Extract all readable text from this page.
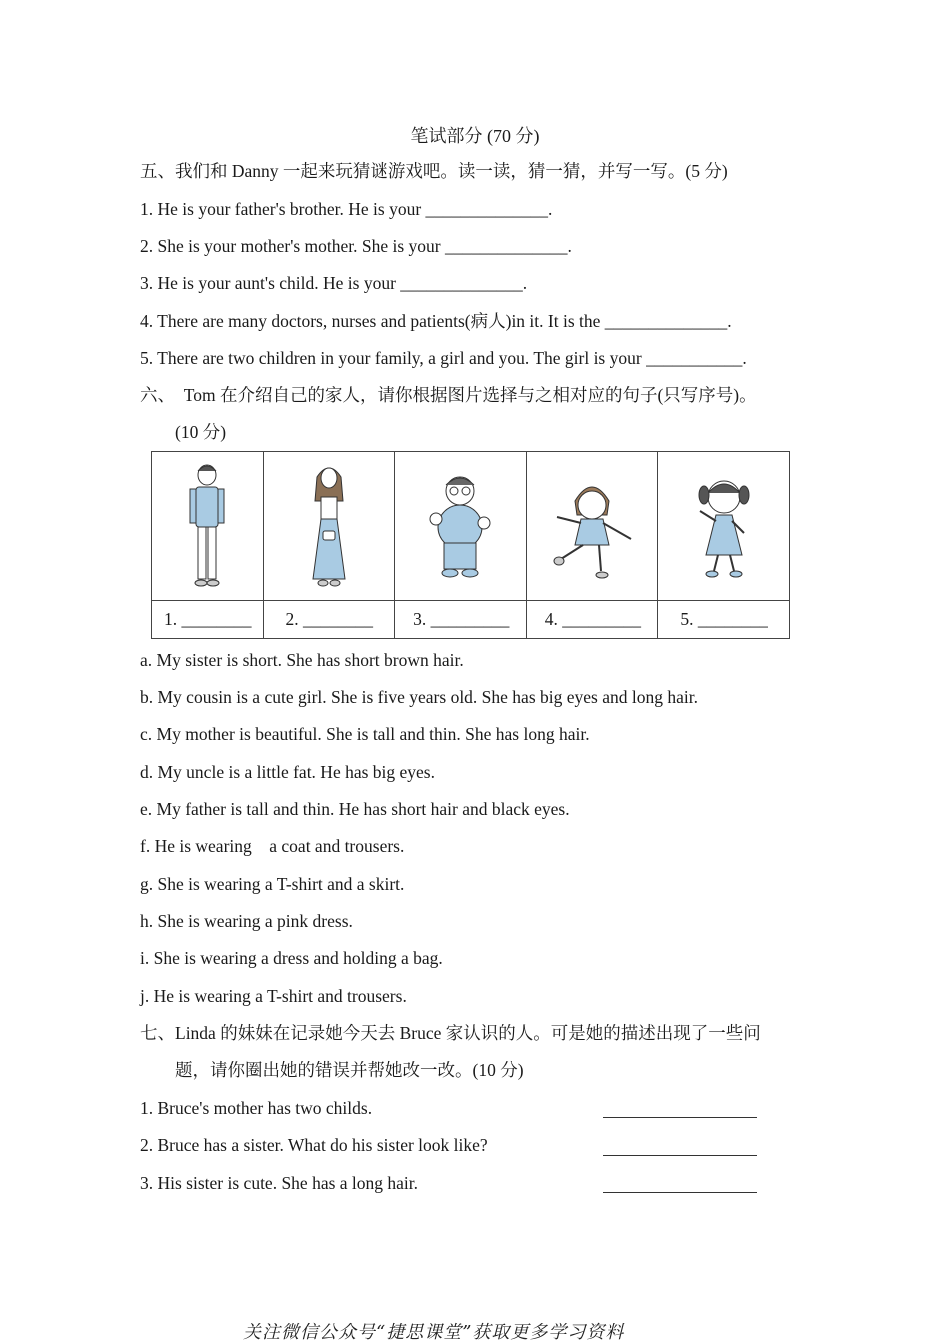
笔试部分 (70 分)
五、我们和 Danny 一起来玩猜谜游戏吧。读一读，猜一猜，并写一写。(5 分)
1. He is your father's brother. He is your ______________.
2. She is your mother's mother. She is your ______________.
3. He is your aunt's child. He is your ______________.
4. There are many doctors, nurses and patients(病人)in it. It is the ______________.
5. There are two children in your family, a girl and you. The girl is your ___________.
六、  Tom 在介绍自己的家人，请你根据图片选择与之相对应的句子(只写序号)。
(10 分)

1. ________	2. ________	3. _________	4. _________	5. ________
a. My sister is short. She has short brown hair.
b. My cousin is a cute girl. She is five years old. She has big eyes and long hair.
c. My mother is beautiful. She is tall and thin. She has long hair.
d. My uncle is a little fat. He has big eyes.
e. My father is tall and thin. He has short hair and black eyes.
f. He is wearing    a coat and trousers.
g. She is wearing a T-shirt and a skirt.
h. She is wearing a pink dress.
i. She is wearing a dress and holding a bag.
j. He is wearing a T-shirt and trousers.
七、Linda 的妹妹在记录她今天去 Bruce 家认识的人。可是她的描述出现了一些问
题，请你圈出她的错误并帮她改一改。(10 分)
1. Bruce's mother has two childs.
2. Bruce has a sister. What do his sister look like?
3. His sister is cute. She has a long hair.
关注微信公众号“捷思课堂”获取更多学习资料
